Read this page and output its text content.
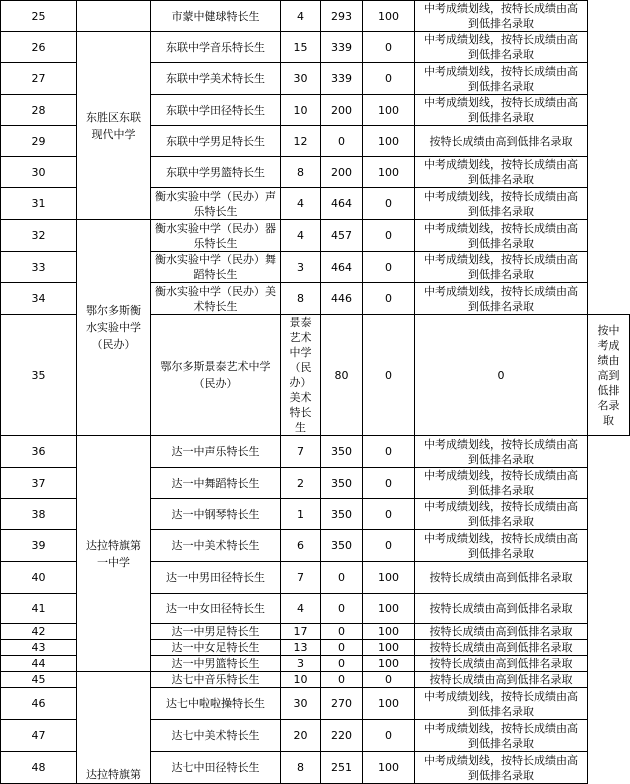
25		市蒙中健球特长生	4	293	100	中考成绩划线，按特长成绩由高到低排名录取	
26	东胜区东联现代中学	东联中学音乐特长生	15	339	0	中考成绩划线，按特长成绩由高到低排名录取	
27		东联中学美术特长生	30	339	0	中考成绩划线，按特长成绩由高到低排名录取	
28		东联中学田径特长生	10	200	100	中考成绩划线，按特长成绩由高到低排名录取	
29		东联中学男足特长生	12	0	100	按特长成绩由高到低排名录取	
30		东联中学男篮特长生	8	200	100	中考成绩划线，按特长成绩由高到低排名录取	
31		衡水实验中学（民办）声乐特长生	4	464	0	中考成绩划线，按特长成绩由高到低排名录取	
32	鄂尔多斯衡水实验中学（民办）	衡水实验中学（民办）器乐特长生	4	457	0	中考成绩划线，按特长成绩由高到低排名录取	
33		衡水实验中学（民办）舞蹈特长生	3	464	0	中考成绩划线，按特长成绩由高到低排名录取	
34		衡水实验中学（民办）美术特长生	8	446	0	中考成绩划线，按特长成绩由高到低排名录取	
35		鄂尔多斯景泰艺术中学（民办）	景泰艺术中学（民办）美术特长生	80	0	0	按中考成绩由高到低排名录取
36	达拉特旗第一中学	达一中声乐特长生	7	350	0	中考成绩划线，按特长成绩由高到低排名录取	
37		达一中舞蹈特长生	2	350	0	中考成绩划线，按特长成绩由高到低排名录取	
38		达一中钢琴特长生	1	350	0	中考成绩划线，按特长成绩由高到低排名录取	
39		达一中美术特长生	6	350	0	中考成绩划线，按特长成绩由高到低排名录取	
40		达一中男田径特长生	7	0	100	按特长成绩由高到低排名录取	
41		达一中女田径特长生	4	0	100	按特长成绩由高到低排名录取	
42		达一中男足特长生	17	0	100	按特长成绩由高到低排名录取	
43		达一中女足特长生	13	0	100	按特长成绩由高到低排名录取	
44		达一中男篮特长生	3	0	100	按特长成绩由高到低排名录取	
45	达拉特旗第	达七中音乐特长生	10	0	0	按特长成绩由高到低排名录取	
46		达七中啦啦操特长生	30	270	100	中考成绩划线，按特长成绩由高到低排名录取	
47		达七中美术特长生	20	220	0	中考成绩划线，按特长成绩由高到低排名录取	
48		达七中田径特长生	8	251	100	中考成绩划线，按特长成绩由高到低排名录取	
